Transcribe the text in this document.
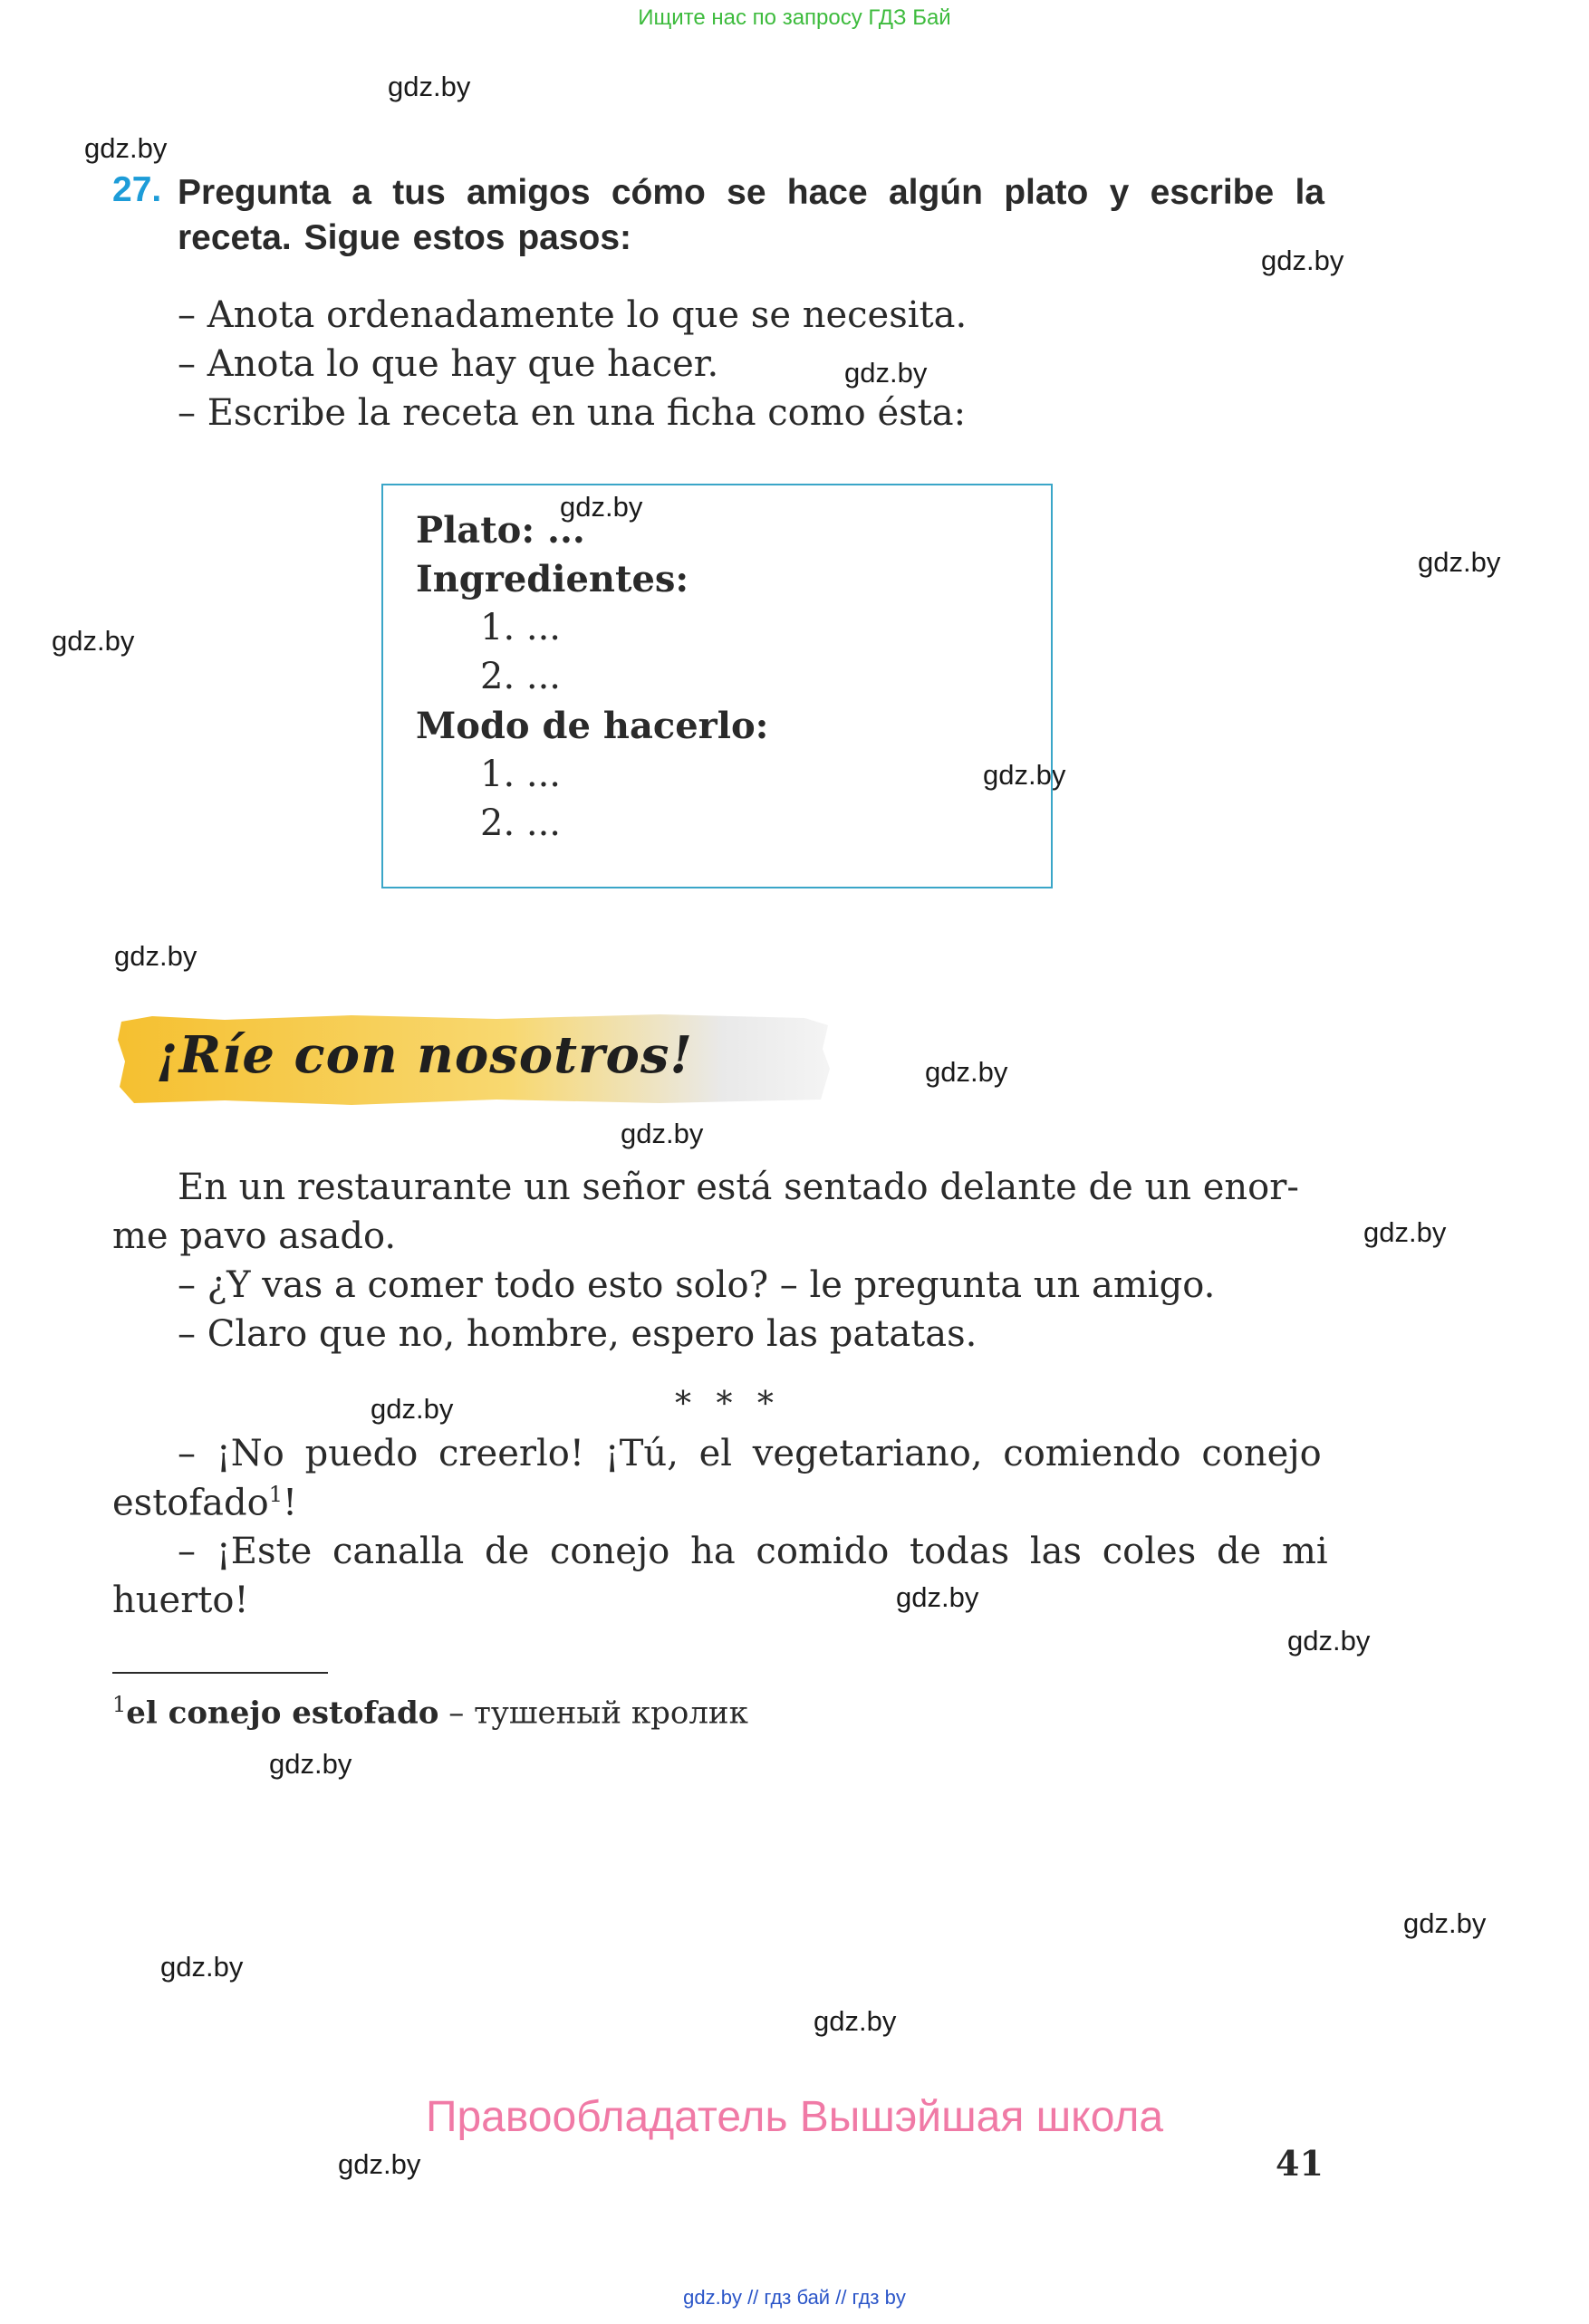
Ищите нас по запросу ГДЗ Бай
gdz.by
gdz.by
gdz.by
gdz.by
gdz.by
gdz.by
gdz.by
gdz.by
gdz.by
gdz.by
gdz.by
gdz.by
gdz.by
gdz.by
gdz.by
gdz.by
gdz.by
gdz.by
gdz.by
gdz.by
27. Pregunta a tus amigos cómo se hace algún plato y escribe la receta. Sigue estos pasos:
– Anota ordenadamente lo que se necesita.
– Anota lo que hay que hacer.
– Escribe la receta en una ficha como ésta:
Plato: ...
Ingredientes:
1. ...
2. ...
Modo de hacerlo:
1. ...
2. ...
¡Ríe con nosotros!
En un restaurante un señor está sentado delante de un enor-
me pavo asado.
– ¿Y vas a comer todo esto solo? – le pregunta un amigo.
– Claro que no, hombre, espero las patatas.
* * *
– ¡No puedo creerlo! ¡Tú, el vegetariano, comiendo conejo
estofado$^1$!
– ¡Este canalla de conejo ha comido todas las coles de mi
huerto!
$^1$el conejo estofado – тушеный кролик
Правообладатель Вышэйшая школа
41
gdz.by // гдз бай // гдз by
